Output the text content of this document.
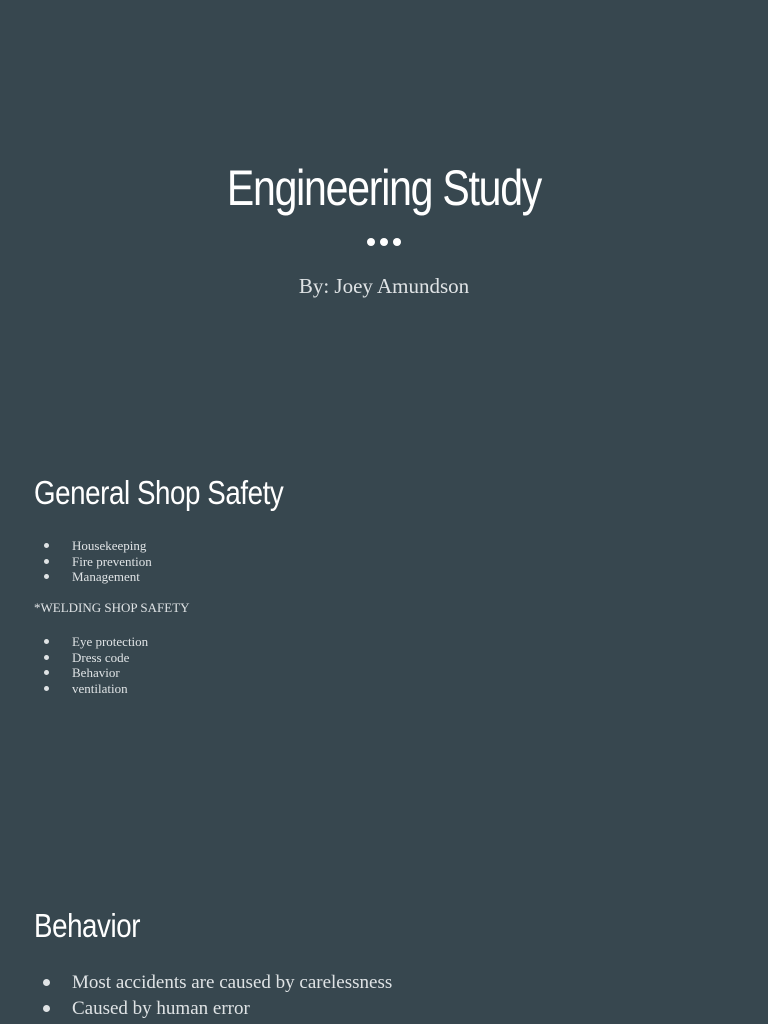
Engineering Study
By: Joey Amundson
General Shop Safety
Housekeeping
Fire prevention
Management
*WELDING SHOP SAFETY
Eye protection
Dress code
Behavior
ventilation
Behavior
Most accidents are caused by carelessness
Caused by human error
